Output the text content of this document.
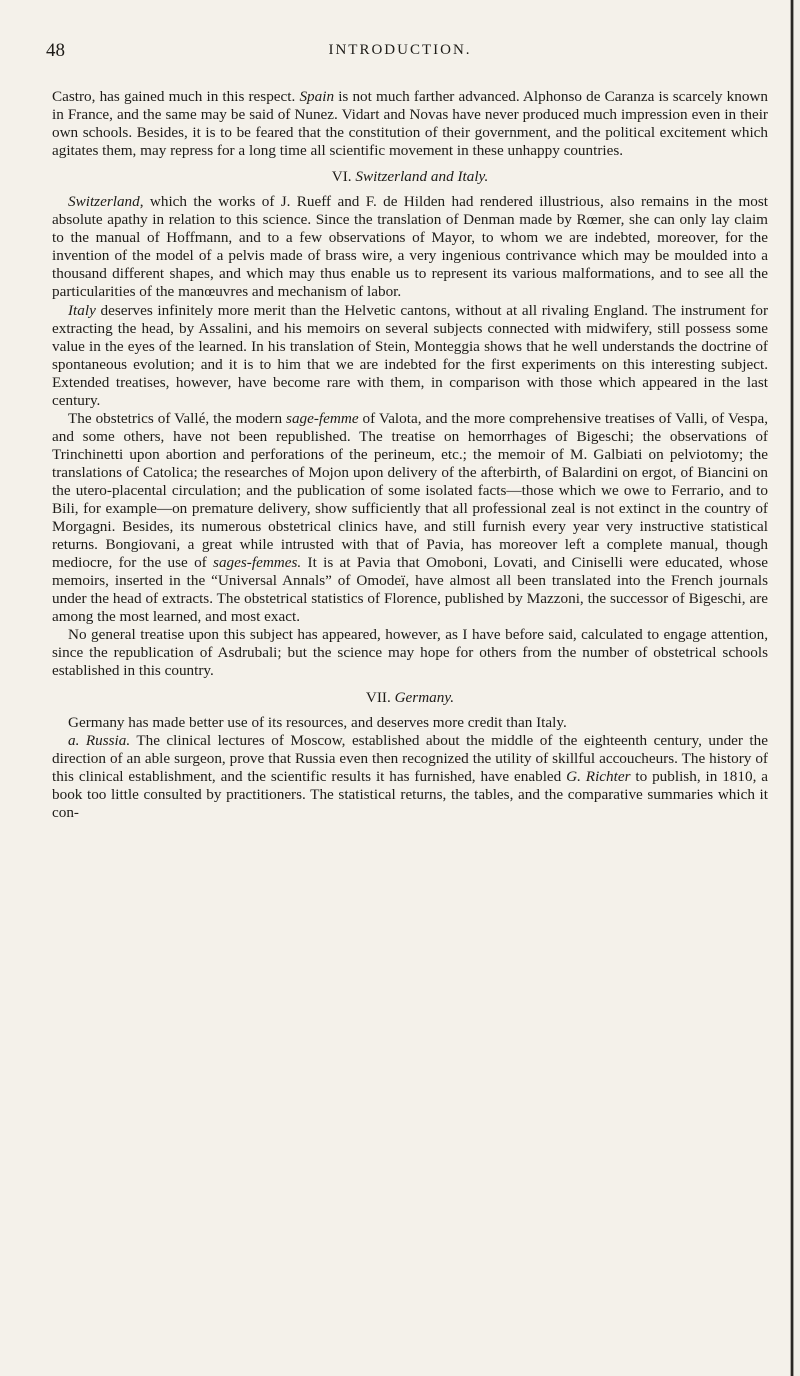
48	INTRODUCTION.

Castro, has gained much in this respect. Spain is not much farther advanced. Alphonso de Caranza is scarcely known in France, and the same may be said of Nunez. Vidart and Novas have never produced much impression even in their own schools. Besides, it is to be feared that the constitution of their government, and the political excitement which agitates them, may repress for a long time all scientific movement in these unhappy countries.

VI. Switzerland and Italy.

Switzerland, which the works of J. Rueff and F. de Hilden had rendered illustrious, also remains in the most absolute apathy in relation to this science. Since the translation of Denman made by Rœmer, she can only lay claim to the manual of Hoffmann, and to a few observations of Mayor, to whom we are indebted, moreover, for the invention of the model of a pelvis made of brass wire, a very ingenious contrivance which may be moulded into a thousand different shapes, and which may thus enable us to represent its various malformations, and to see all the particularities of the manœuvres and mechanism of labor.

Italy deserves infinitely more merit than the Helvetic cantons, without at all rivaling England. The instrument for extracting the head, by Assalini, and his memoirs on several subjects connected with midwifery, still possess some value in the eyes of the learned. In his translation of Stein, Monteggia shows that he well understands the doctrine of spontaneous evolution; and it is to him that we are indebted for the first experiments on this interesting subject. Extended treatises, however, have become rare with them, in comparison with those which appeared in the last century.

The obstetrics of Vallé, the modern sage-femme of Valota, and the more comprehensive treatises of Valli, of Vespa, and some others, have not been republished. The treatise on hemorrhages of Bigeschi; the observations of Trinchinetti upon abortion and perforations of the perineum, etc.; the memoir of M. Galbiati on pelviotomy; the translations of Catolica; the researches of Mojon upon delivery of the afterbirth, of Balardini on ergot, of Biancini on the utero-placental circulation; and the publication of some isolated facts—those which we owe to Ferrario, and to Bili, for example—on premature delivery, show sufficiently that all professional zeal is not extinct in the country of Morgagni. Besides, its numerous obstetrical clinics have, and still furnish every year very instructive statistical returns. Bongiovani, a great while intrusted with that of Pavia, has moreover left a complete manual, though mediocre, for the use of sages-femmes. It is at Pavia that Omoboni, Lovati, and Ciniselli were educated, whose memoirs, inserted in the “Universal Annals” of Omodeï, have almost all been translated into the French journals under the head of extracts. The obstetrical statistics of Florence, published by Mazzoni, the successor of Bigeschi, are among the most learned, and most exact.

No general treatise upon this subject has appeared, however, as I have before said, calculated to engage attention, since the republication of Asdrubali; but the science may hope for others from the number of obstetrical schools established in this country.

VII. Germany.

Germany has made better use of its resources, and deserves more credit than Italy.

a. Russia. The clinical lectures of Moscow, established about the middle of the eighteenth century, under the direction of an able surgeon, prove that Russia even then recognized the utility of skillful accoucheurs. The history of this clinical establishment, and the scientific results it has furnished, have enabled G. Richter to publish, in 1810, a book too little consulted by practitioners. The statistical returns, the tables, and the comparative summaries which it con-
